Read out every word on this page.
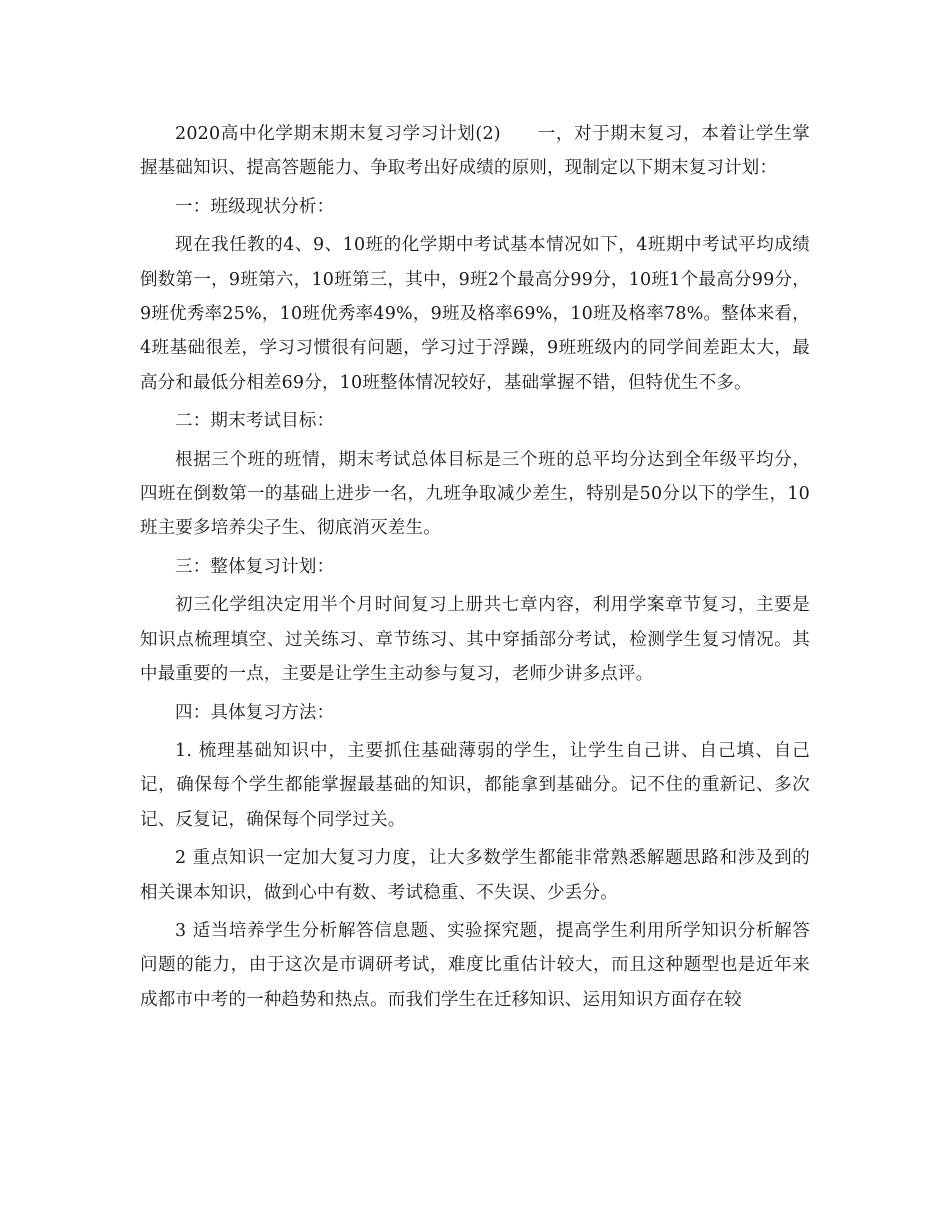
2020高中化学期末期末复习学习计划(2)　　一，对于期末复习，本着让学生掌握基础知识、提高答题能力、争取考出好成绩的原则，现制定以下期末复习计划：

一：班级现状分析：

现在我任教的4、9、10班的化学期中考试基本情况如下，4班期中考试平均成绩倒数第一，9班第六，10班第三，其中，9班2个最高分99分，10班1个最高分99分，9班优秀率25%，10班优秀率49%，9班及格率69%，10班及格率78%。整体来看，4班基础很差，学习习惯很有问题，学习过于浮躁，9班班级内的同学间差距太大，最高分和最低分相差69分，10班整体情况较好，基础掌握不错，但特优生不多。

二：期末考试目标：

根据三个班的班情，期末考试总体目标是三个班的总平均分达到全年级平均分，四班在倒数第一的基础上进步一名，九班争取减少差生，特别是50分以下的学生，10班主要多培养尖子生、彻底消灭差生。

三：整体复习计划：

初三化学组决定用半个月时间复习上册共七章内容，利用学案章节复习，主要是知识点梳理填空、过关练习、章节练习、其中穿插部分考试，检测学生复习情况。其中最重要的一点，主要是让学生主动参与复习，老师少讲多点评。

四：具体复习方法：

1. 梳理基础知识中，主要抓住基础薄弱的学生，让学生自己讲、自己填、自己记，确保每个学生都能掌握最基础的知识，都能拿到基础分。记不住的重新记、多次记、反复记，确保每个同学过关。

2 重点知识一定加大复习力度，让大多数学生都能非常熟悉解题思路和涉及到的相关课本知识，做到心中有数、考试稳重、不失误、少丢分。

3 适当培养学生分析解答信息题、实验探究题，提高学生利用所学知识分析解答问题的能力，由于这次是市调研考试，难度比重估计较大，而且这种题型也是近年来成都市中考的一种趋势和热点。而我们学生在迁移知识、运用知识方面存在较
